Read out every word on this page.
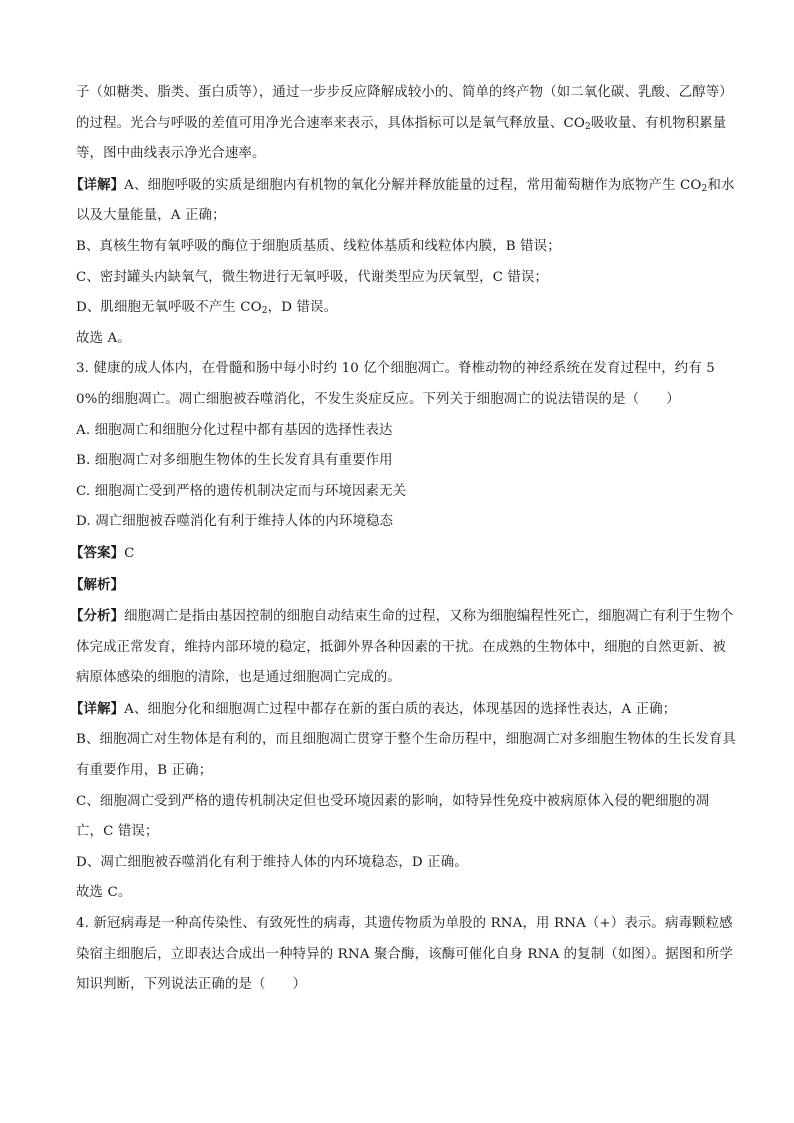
子（如糖类、脂类、蛋白质等），通过一步步反应降解成较小的、简单的终产物（如二氧化碳、乳酸、乙醇等）的过程。光合与呼吸的差值可用净光合速率来表示，具体指标可以是氧气释放量、$CO_2$吸收量、有机物积累量等，图中曲线表示净光合速率。

【详解】A、细胞呼吸的实质是细胞内有机物的氧化分解并释放能量的过程，常用葡萄糖作为底物产生 $CO_2$和水以及大量能量，A 正确；

B、真核生物有氧呼吸的酶位于细胞质基质、线粒体基质和线粒体内膜，B 错误；

C、密封罐头内缺氧气，微生物进行无氧呼吸，代谢类型应为厌氧型，C 错误；

D、肌细胞无氧呼吸不产生 $CO_2$，D 错误。

故选 A。

3. 健康的成人体内，在骨髓和肠中每小时约 10 亿个细胞凋亡。脊椎动物的神经系统在发育过程中，约有 50%的细胞凋亡。凋亡细胞被吞噬消化，不发生炎症反应。下列关于细胞凋亡的说法错误的是（　　）

A. 细胞凋亡和细胞分化过程中都有基因的选择性表达

B. 细胞凋亡对多细胞生物体的生长发育具有重要作用

C. 细胞凋亡受到严格的遗传机制决定而与环境因素无关

D. 凋亡细胞被吞噬消化有利于维持人体的内环境稳态

【答案】C

【解析】

【分析】细胞凋亡是指由基因控制的细胞自动结束生命的过程，又称为细胞编程性死亡，细胞凋亡有利于生物个体完成正常发育，维持内部环境的稳定，抵御外界各种因素的干扰。在成熟的生物体中，细胞的自然更新、被病原体感染的细胞的清除，也是通过细胞凋亡完成的。

【详解】A、细胞分化和细胞凋亡过程中都存在新的蛋白质的表达，体现基因的选择性表达，A 正确；

B、细胞凋亡对生物体是有利的，而且细胞凋亡贯穿于整个生命历程中，细胞凋亡对多细胞生物体的生长发育具有重要作用，B 正确；

C、细胞凋亡受到严格的遗传机制决定但也受环境因素的影响，如特异性免疫中被病原体入侵的靶细胞的凋亡，C 错误；

D、凋亡细胞被吞噬消化有利于维持人体的内环境稳态，D 正确。

故选 C。

4. 新冠病毒是一种高传染性、有致死性的病毒，其遗传物质为单股的 RNA，用 RNA（+）表示。病毒颗粒感染宿主细胞后，立即表达合成出一种特异的 RNA 聚合酶，该酶可催化自身 RNA 的复制（如图）。据图和所学知识判断，下列说法正确的是（　　）
